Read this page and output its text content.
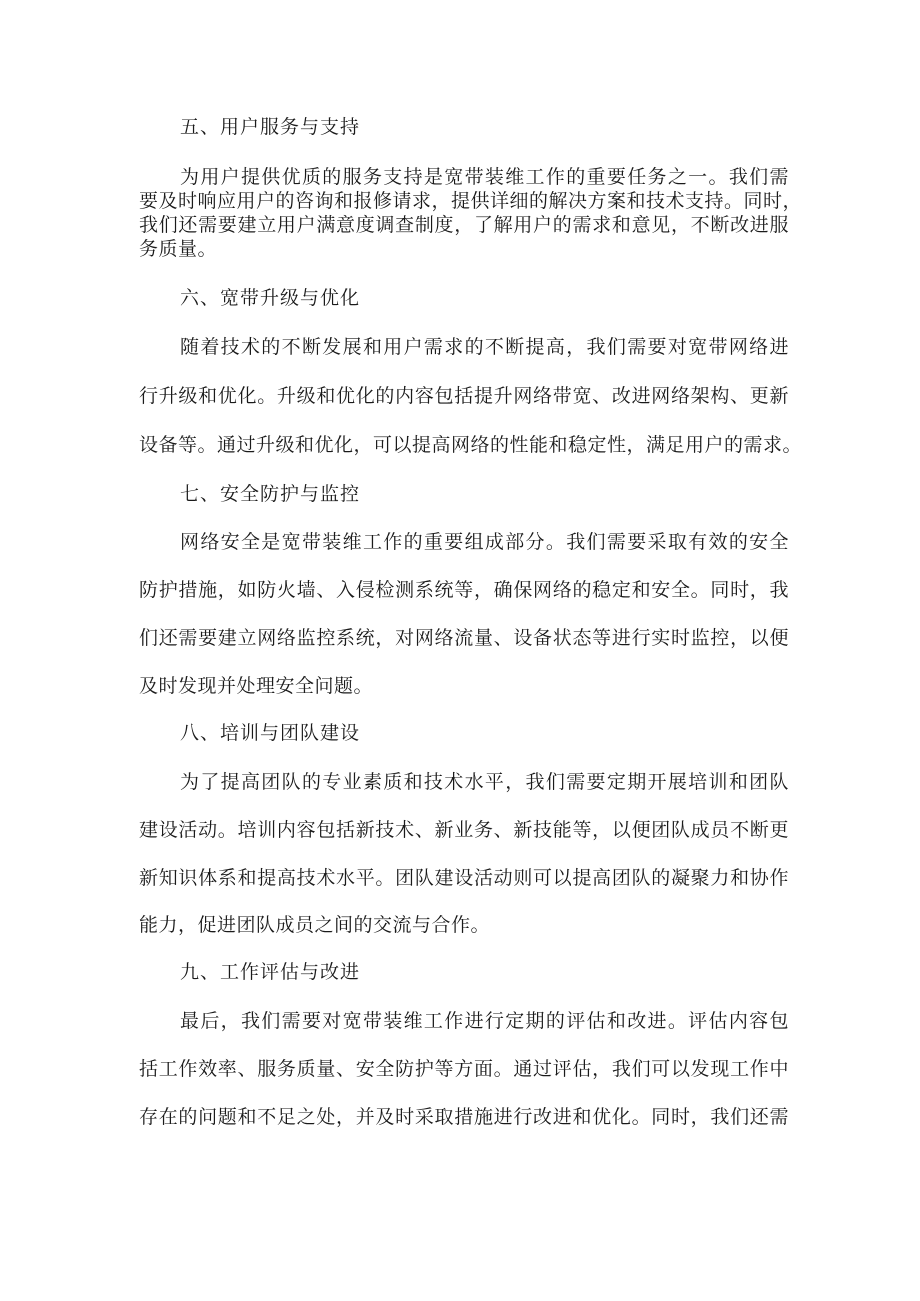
五、用户服务与支持
为用户提供优质的服务支持是宽带装维工作的重要任务之一。我们需
要及时响应用户的咨询和报修请求，提供详细的解决方案和技术支持。同时，
我们还需要建立用户满意度调查制度，了解用户的需求和意见，不断改进服
务质量。
六、宽带升级与优化
随着技术的不断发展和用户需求的不断提高，我们需要对宽带网络进
行升级和优化。升级和优化的内容包括提升网络带宽、改进网络架构、更新
设备等。通过升级和优化，可以提高网络的性能和稳定性，满足用户的需求。
七、安全防护与监控
网络安全是宽带装维工作的重要组成部分。我们需要采取有效的安全
防护措施，如防火墙、入侵检测系统等，确保网络的稳定和安全。同时，我
们还需要建立网络监控系统，对网络流量、设备状态等进行实时监控，以便
及时发现并处理安全问题。
八、培训与团队建设
为了提高团队的专业素质和技术水平，我们需要定期开展培训和团队
建设活动。培训内容包括新技术、新业务、新技能等，以便团队成员不断更
新知识体系和提高技术水平。团队建设活动则可以提高团队的凝聚力和协作
能力，促进团队成员之间的交流与合作。
九、工作评估与改进
最后，我们需要对宽带装维工作进行定期的评估和改进。评估内容包
括工作效率、服务质量、安全防护等方面。通过评估，我们可以发现工作中
存在的问题和不足之处，并及时采取措施进行改进和优化。同时，我们还需
